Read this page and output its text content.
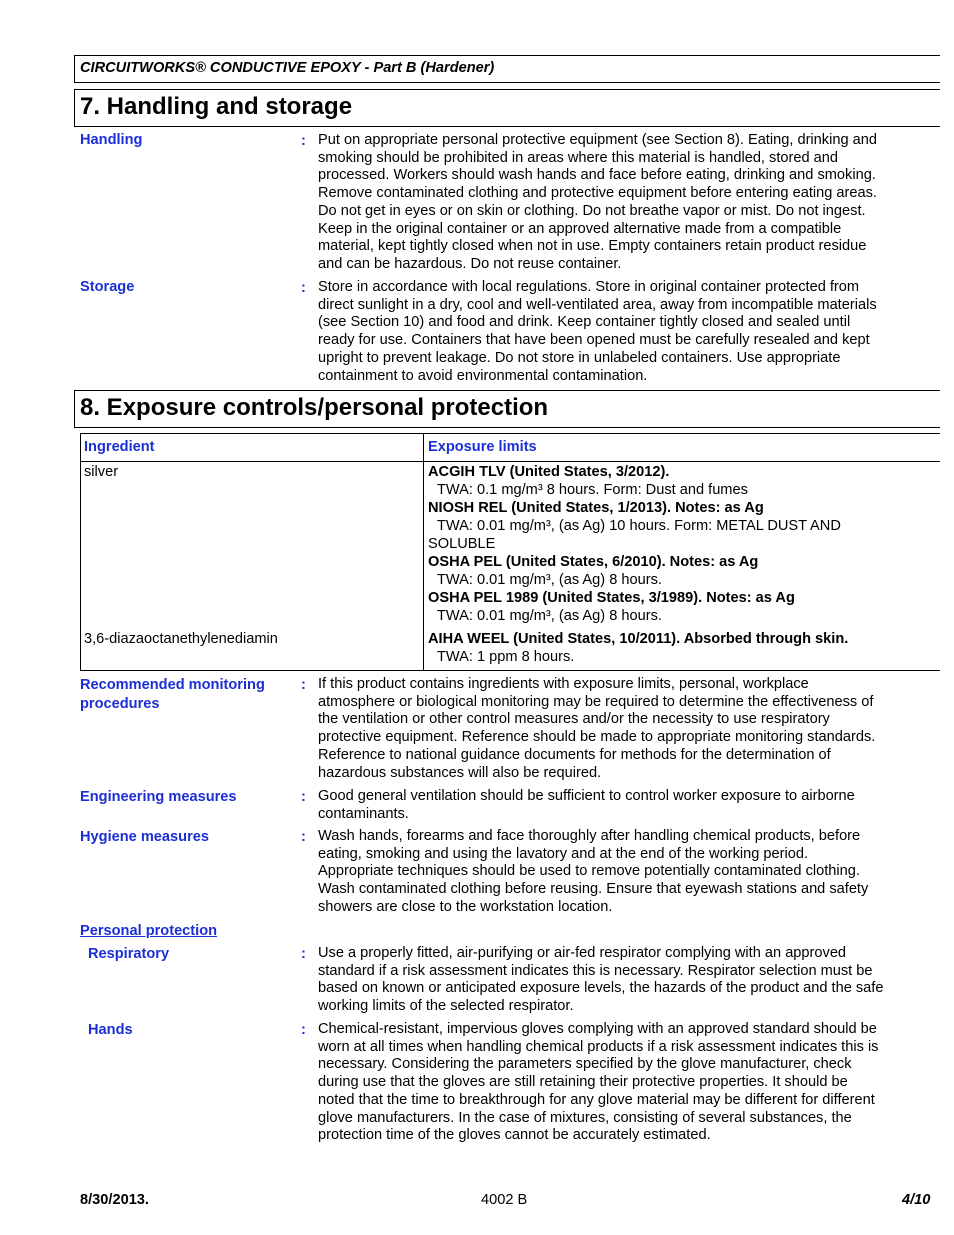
CIRCUITWORKS® CONDUCTIVE EPOXY - Part B (Hardener)
7. Handling and storage
Handling	: Put on appropriate personal protective equipment (see Section 8). Eating, drinking and
smoking should be prohibited in areas where this material is handled, stored and
processed. Workers should wash hands and face before eating, drinking and smoking.
Remove contaminated clothing and protective equipment before entering eating areas.
Do not get in eyes or on skin or clothing. Do not breathe vapor or mist. Do not ingest.
Keep in the original container or an approved alternative made from a compatible
material, kept tightly closed when not in use. Empty containers retain product residue
and can be hazardous. Do not reuse container.
Storage	: Store in accordance with local regulations. Store in original container protected from
direct sunlight in a dry, cool and well-ventilated area, away from incompatible materials
(see Section 10) and food and drink. Keep container tightly closed and sealed until
ready for use. Containers that have been opened must be carefully resealed and kept
upright to prevent leakage. Do not store in unlabeled containers. Use appropriate
containment to avoid environmental contamination.
8. Exposure controls/personal protection
Ingredient	Exposure limits
silver	ACGIH TLV (United States, 3/2012).
TWA: 0.1 mg/m³ 8 hours. Form: Dust and fumes
NIOSH REL (United States, 1/2013). Notes: as Ag
TWA: 0.01 mg/m³, (as Ag) 10 hours. Form: METAL DUST AND
SOLUBLE
OSHA PEL (United States, 6/2010). Notes: as Ag
TWA: 0.01 mg/m³, (as Ag) 8 hours.
OSHA PEL 1989 (United States, 3/1989). Notes: as Ag
TWA: 0.01 mg/m³, (as Ag) 8 hours.
3,6-diazaoctanethylenediamin	AIHA WEEL (United States, 10/2011). Absorbed through skin.
TWA: 1 ppm 8 hours.
Recommended monitoring
procedures
: If this product contains ingredients with exposure limits, personal, workplace
atmosphere or biological monitoring may be required to determine the effectiveness of
the ventilation or other control measures and/or the necessity to use respiratory
protective equipment. Reference should be made to appropriate monitoring standards.
Reference to national guidance documents for methods for the determination of
hazardous substances will also be required.
Engineering measures	: Good general ventilation should be sufficient to control worker exposure to airborne
contaminants.
Hygiene measures	: Wash hands, forearms and face thoroughly after handling chemical products, before
eating, smoking and using the lavatory and at the end of the working period.
Appropriate techniques should be used to remove potentially contaminated clothing.
Wash contaminated clothing before reusing. Ensure that eyewash stations and safety
showers are close to the workstation location.
Personal protection
Respiratory	: Use a properly fitted, air-purifying or air-fed respirator complying with an approved
standard if a risk assessment indicates this is necessary. Respirator selection must be
based on known or anticipated exposure levels, the hazards of the product and the safe
working limits of the selected respirator.
Hands	: Chemical-resistant, impervious gloves complying with an approved standard should be
worn at all times when handling chemical products if a risk assessment indicates this is
necessary. Considering the parameters specified by the glove manufacturer, check
during use that the gloves are still retaining their protective properties. It should be
noted that the time to breakthrough for any glove material may be different for different
glove manufacturers. In the case of mixtures, consisting of several substances, the
protection time of the gloves cannot be accurately estimated.
8/30/2013.	4002 B	4/10
